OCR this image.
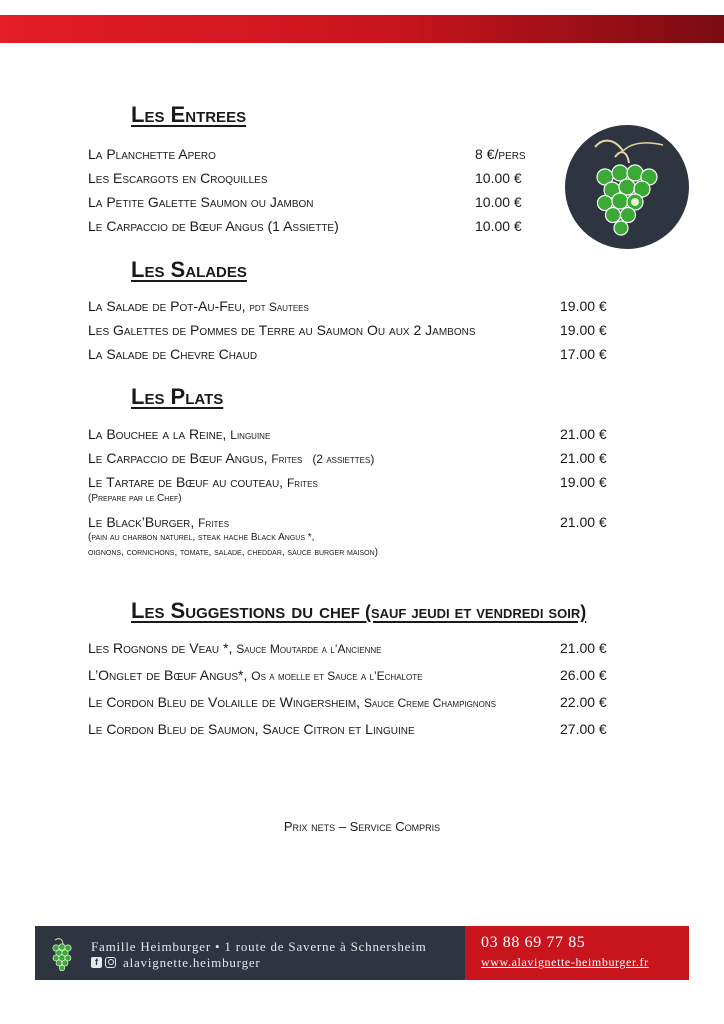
Les Entrees
La Planchette Apero	8 €/pers
Les Escargots en Croquilles	10.00 €
La Petite Galette Saumon ou Jambon	10.00 €
Le Carpaccio de Bœuf Angus (1 Assiette)	10.00 €
Les Salades
La Salade de Pot-Au-Feu, pdt Sautees	19.00 €
Les Galettes de Pommes de Terre au Saumon Ou aux 2 Jambons	19.00 €
La Salade de Chevre Chaud	17.00 €
Les Plats
La Bouchee a la Reine, Linguine	21.00 €
Le Carpaccio de Bœuf Angus, Frites   (2 assiettes)	21.00 €
Le Tartare de Bœuf au couteau, Frites	19.00 €
(Prepare par le Chef)
Le Black’Burger, Frites	21.00 €
(pain au charbon naturel, steak hache Black Angus *,
oignons, cornichons, tomate, salade, cheddar, sauce burger maison)
Les Suggestions du chef (sauf jeudi et vendredi soir)
Les Rognons de Veau *, Sauce Moutarde a l’Ancienne	21.00 €
L’Onglet de Bœuf Angus*, Os a moelle et Sauce a l’Echalote	26.00 €
Le Cordon Bleu de Volaille de Wingersheim, Sauce Creme Champignons	22.00 €
Le Cordon Bleu de Saumon, Sauce Citron et Linguine	27.00 €
Prix nets – Service Compris
Famille Heimburger • 1 route de Saverne à Schnersheim
f	alavignette.heimburger
03 88 69 77 85
www.alavignette-heimburger.fr
